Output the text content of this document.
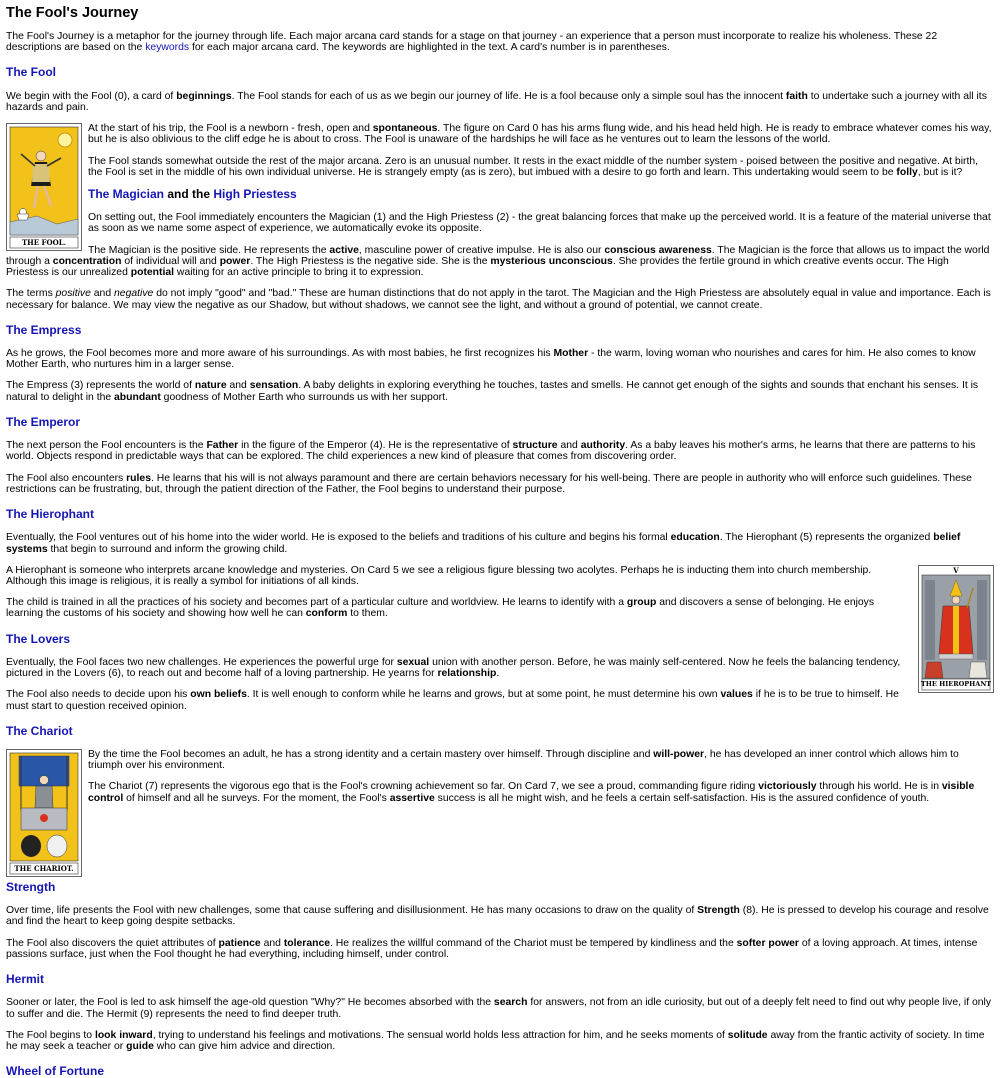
The Fool's Journey

The Fool's Journey is a metaphor for the journey through life. Each major arcana card stands for a stage on that journey - an experience that a person must incorporate to realize his wholeness. These 22 descriptions are based on the keywords for each major arcana card. The keywords are highlighted in the text. A card's number is in parentheses.

The Fool

We begin with the Fool (0), a card of beginnings. The Fool stands for each of us as we begin our journey of life. He is a fool because only a simple soul has the innocent faith to undertake such a journey with all its hazards and pain.

THE FOOL.

At the start of his trip, the Fool is a newborn - fresh, open and spontaneous. The figure on Card 0 has his arms flung wide, and his head held high. He is ready to embrace whatever comes his way, but he is also oblivious to the cliff edge he is about to cross. The Fool is unaware of the hardships he will face as he ventures out to learn the lessons of the world.

The Fool stands somewhat outside the rest of the major arcana. Zero is an unusual number. It rests in the exact middle of the number system - poised between the positive and negative. At birth, the Fool is set in the middle of his own individual universe. He is strangely empty (as is zero), but imbued with a desire to go forth and learn. This undertaking would seem to be folly, but is it?

The Magician and the High Priestess

On setting out, the Fool immediately encounters the Magician (1) and the High Priestess (2) - the great balancing forces that make up the perceived world. It is a feature of the material universe that as soon as we name some aspect of experience, we automatically evoke its opposite.

The Magician is the positive side. He represents the active, masculine power of creative impulse. He is also our conscious awareness. The Magician is the force that allows us to impact the world through a concentration of individual will and power. The High Priestess is the negative side. She is the mysterious unconscious. She provides the fertile ground in which creative events occur. The High Priestess is our unrealized potential waiting for an active principle to bring it to expression.

The terms positive and negative do not imply "good" and "bad." These are human distinctions that do not apply in the tarot. The Magician and the High Priestess are absolutely equal in value and importance. Each is necessary for balance. We may view the negative as our Shadow, but without shadows, we cannot see the light, and without a ground of potential, we cannot create.

The Empress

As he grows, the Fool becomes more and more aware of his surroundings. As with most babies, he first recognizes his Mother - the warm, loving woman who nourishes and cares for him. He also comes to know Mother Earth, who nurtures him in a larger sense.

The Empress (3) represents the world of nature and sensation. A baby delights in exploring everything he touches, tastes and smells. He cannot get enough of the sights and sounds that enchant his senses. It is natural to delight in the abundant goodness of Mother Earth who surrounds us with her support.

The Emperor

The next person the Fool encounters is the Father in the figure of the Emperor (4). He is the representative of structure and authority. As a baby leaves his mother's arms, he learns that there are patterns to his world. Objects respond in predictable ways that can be explored. The child experiences a new kind of pleasure that comes from discovering order.

The Fool also encounters rules. He learns that his will is not always paramount and there are certain behaviors necessary for his well-being. There are people in authority who will enforce such guidelines. These restrictions can be frustrating, but, through the patient direction of the Father, the Fool begins to understand their purpose.

The Hierophant

Eventually, the Fool ventures out of his home into the wider world. He is exposed to the beliefs and traditions of his culture and begins his formal education. The Hierophant (5) represents the organized belief systems that begin to surround and inform the growing child.

V
THE HIEROPHANT

A Hierophant is someone who interprets arcane knowledge and mysteries. On Card 5 we see a religious figure blessing two acolytes. Perhaps he is inducting them into church membership. Although this image is religious, it is really a symbol for initiations of all kinds.

The child is trained in all the practices of his society and becomes part of a particular culture and worldview. He learns to identify with a group and discovers a sense of belonging. He enjoys learning the customs of his society and showing how well he can conform to them.

The Lovers

Eventually, the Fool faces two new challenges. He experiences the powerful urge for sexual union with another person. Before, he was mainly self-centered. Now he feels the balancing tendency, pictured in the Lovers (6), to reach out and become half of a loving partnership. He yearns for relationship.

The Fool also needs to decide upon his own beliefs. It is well enough to conform while he learns and grows, but at some point, he must determine his own values if he is to be true to himself. He must start to question received opinion.

The Chariot
THE CHARIOT.

By the time the Fool becomes an adult, he has a strong identity and a certain mastery over himself. Through discipline and will-power, he has developed an inner control which allows him to triumph over his environment.

The Chariot (7) represents the vigorous ego that is the Fool's crowning achievement so far. On Card 7, we see a proud, commanding figure riding victoriously through his world. He is in visible control of himself and all he surveys. For the moment, the Fool's assertive success is all he might wish, and he feels a certain self-satisfaction. His is the assured confidence of youth.

Strength

Over time, life presents the Fool with new challenges, some that cause suffering and disillusionment. He has many occasions to draw on the quality of Strength (8). He is pressed to develop his courage and resolve and find the heart to keep going despite setbacks.

The Fool also discovers the quiet attributes of patience and tolerance. He realizes the willful command of the Chariot must be tempered by kindliness and the softer power of a loving approach. At times, intense passions surface, just when the Fool thought he had everything, including himself, under control.

Hermit

Sooner or later, the Fool is led to ask himself the age-old question "Why?" He becomes absorbed with the search for answers, not from an idle curiosity, but out of a deeply felt need to find out why people live, if only to suffer and die. The Hermit (9) represents the need to find deeper truth.

The Fool begins to look inward, trying to understand his feelings and motivations. The sensual world holds less attraction for him, and he seeks moments of solitude away from the frantic activity of society. In time he may seek a teacher or guide who can give him advice and direction.

Wheel of Fortune
